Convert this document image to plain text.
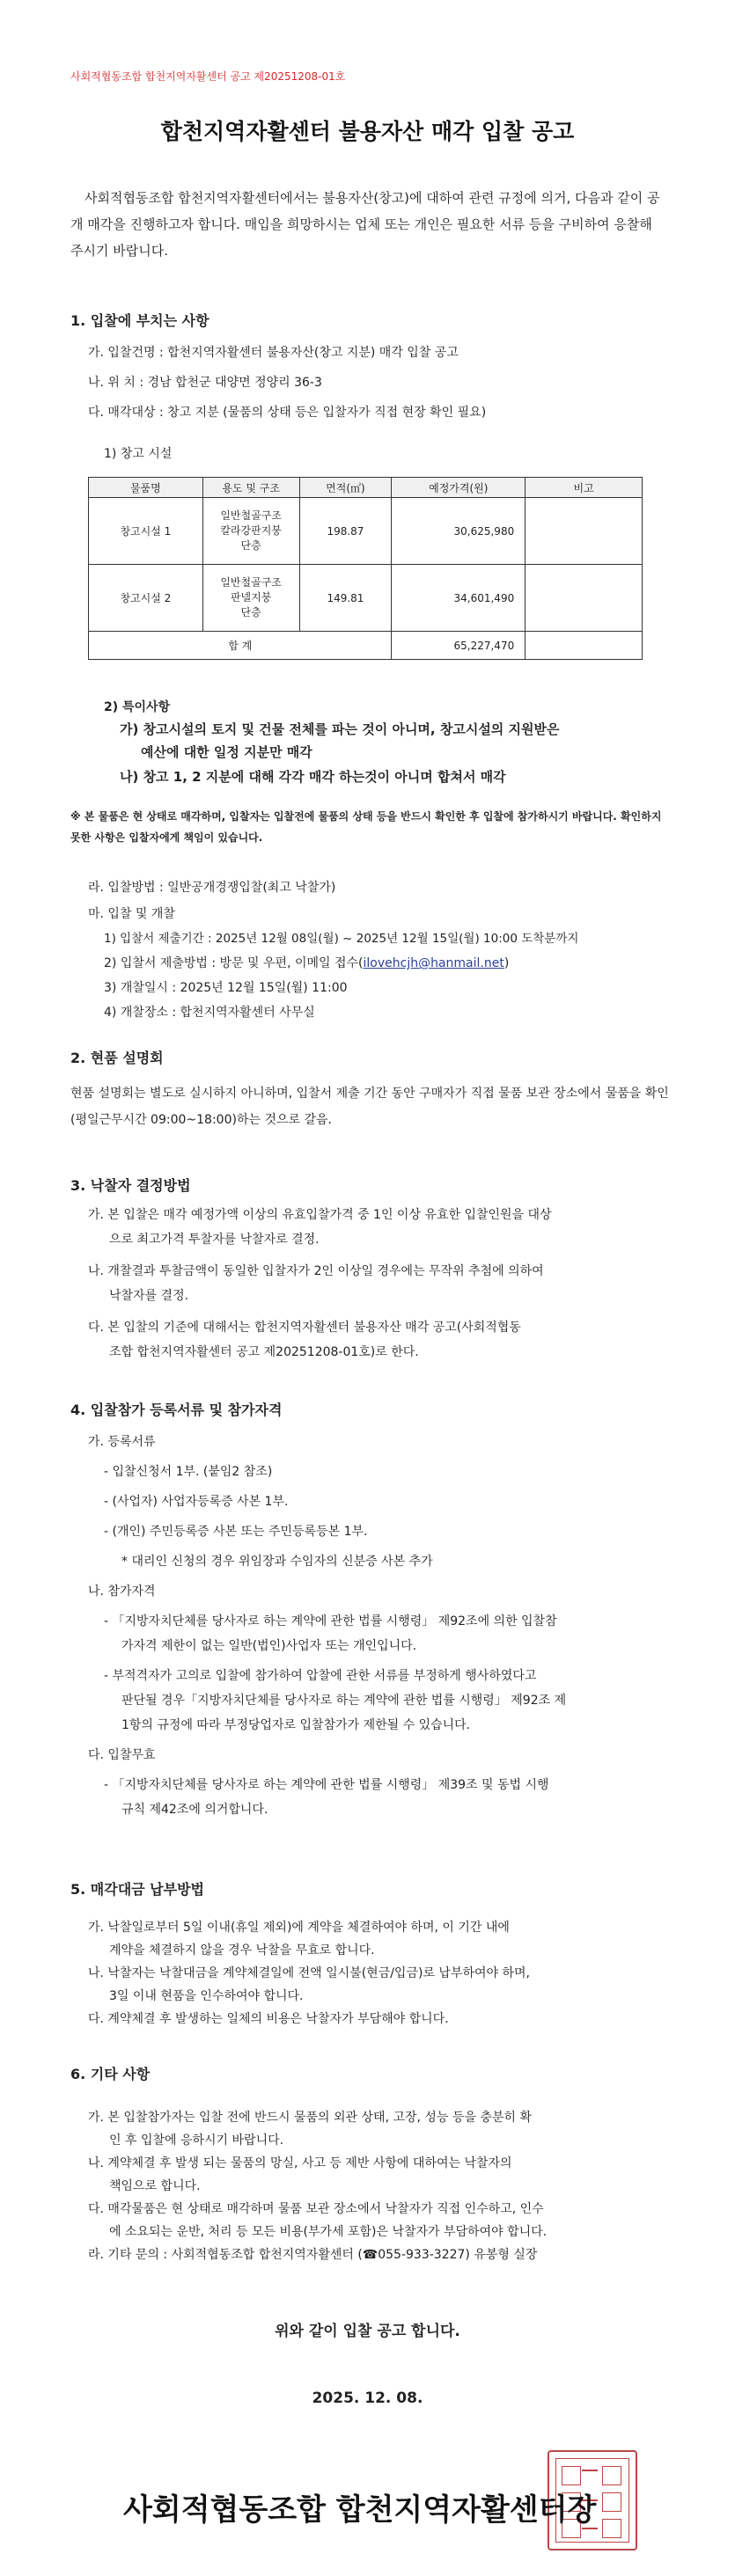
사회적협동조합 합천지역자활센터 공고 제20251208-01호
합천지역자활센터 불용자산 매각 입찰 공고
사회적협동조합 합천지역자활센터에서는 불용자산(창고)에 대하여 관련 규정에 의거, 다음과 같이 공개 매각을 진행하고자 합니다. 매입을 희망하시는 업체 또는 개인은 필요한 서류 등을 구비하여 응찰해 주시기 바랍니다.
1. 입찰에 부치는 사항
가. 입찰건명 : 합천지역자활센터 불용자산(창고 지분) 매각 입찰 공고
나. 위 치 : 경남 합천군 대양면 정양리 36-3
다. 매각대상 : 창고 지분 (물품의 상태 등은 입찰자가 직접 현장 확인 필요)
1) 창고 시설
물품명	용도 및 구조	면적(㎡)	예정가격(원)	비고
창고시설 1	일반철골구조
칼라강판지붕
단층	198.87	30,625,980	
창고시설 2	일반철골구조
판넬지붕
단층	149.81	34,601,490	
합 계			65,227,470	
2) 특이사항
가) 창고시설의 토지 및 건물 전체를 파는 것이 아니며, 창고시설의 지원받은
예산에 대한 일정 지분만 매각
나) 창고 1, 2 지분에 대해 각각 매각 하는것이 아니며 합쳐서 매각
※ 본 물품은 현 상태로 매각하며, 입찰자는 입찰전에 물품의 상태 등을 반드시 확인한 후 입찰에 참가하시기 바랍니다. 확인하지 못한 사항은 입찰자에게 책임이 있습니다.
라. 입찰방법 : 일반공개경쟁입찰(최고 낙찰가)
마. 입찰 및 개찰
1) 입찰서 제출기간 : 2025년 12월 08일(월) ~ 2025년 12월 15일(월) 10:00 도착분까지
2) 입찰서 제출방법 : 방문 및 우편, 이메일 접수(ilovehcjh@hanmail.net)
3) 개찰일시 : 2025년 12월 15일(월) 11:00
4) 개찰장소 : 합천지역자활센터 사무실
2. 현품 설명회
현품 설명회는 별도로 실시하지 아니하며, 입찰서 제출 기간 동안 구매자가 직접 물품 보관 장소에서 물품을 확인(평일근무시간 09:00~18:00)하는 것으로 갈음.
3. 낙찰자 결정방법
가. 본 입찰은 매각 예정가액 이상의 유효입찰가격 중 1인 이상 유효한 입찰인원을 대상
으로 최고가격 투찰자를 낙찰자로 결정.
나. 개찰결과 투찰금액이 동일한 입찰자가 2인 이상일 경우에는 무작위 추첨에 의하여
낙찰자를 결정.
다. 본 입찰의 기준에 대해서는 합천지역자활센터 불용자산 매각 공고(사회적협동
조합 합천지역자활센터 공고 제20251208-01호)로 한다.
4. 입찰참가 등록서류 및 참가자격
가. 등록서류
- 입찰신청서 1부. (붙임2 참조)
- (사업자) 사업자등록증 사본 1부.
- (개인) 주민등록증 사본 또는 주민등록등본 1부.
* 대리인 신청의 경우 위임장과 수임자의 신분증 사본 추가
나. 참가자격
- 「지방자치단체를 당사자로 하는 계약에 관한 법률 시행령」 제92조에 의한 입찰참
가자격 제한이 없는 일반(법인)사업자 또는 개인입니다.
- 부적격자가 고의로 입찰에 참가하여 압찰에 관한 서류를 부정하게 행사하였다고
판단될 경우「지방자치단체를 당사자로 하는 계약에 관한 법률 시행령」 제92조 제
1항의 규정에 따라 부정당업자로 입찰참가가 제한될 수 있습니다.
다. 입찰무효
- 「지방자치단체를 당사자로 하는 계약에 관한 법률 시행령」 제39조 및 동법 시행
규칙 제42조에 의거합니다.
5. 매각대금 납부방법
가. 낙찰일로부터 5일 이내(휴일 제외)에 계약을 체결하여야 하며, 이 기간 내에
계약을 체결하지 않을 경우 낙찰을 무효로 합니다.
나. 낙찰자는 낙찰대금을 계약체결일에 전액 일시불(현금/입금)로 납부하여야 하며,
3일 이내 현품을 인수하여야 합니다.
다. 계약체결 후 발생하는 일체의 비용은 낙찰자가 부담해야 합니다.
6. 기타 사항
가. 본 입찰참가자는 입찰 전에 반드시 물품의 외관 상태, 고장, 성능 등을 충분히 확
인 후 입찰에 응하시기 바랍니다.
나. 계약체결 후 발생 되는 물품의 망실, 사고 등 제반 사항에 대하여는 낙찰자의
책임으로 합니다.
다. 매각물품은 현 상태로 매각하며 물품 보관 장소에서 낙찰자가 직접 인수하고, 인수
에 소요되는 운반, 처리 등 모든 비용(부가세 포함)은 낙찰자가 부담하여야 합니다.
라. 기타 문의 : 사회적협동조합 합천지역자활센터 (☎055-933-3227) 유봉형 실장
위와 같이 입찰 공고 합니다.
2025. 12. 08.
사회적협동조합 합천지역자활센터장
